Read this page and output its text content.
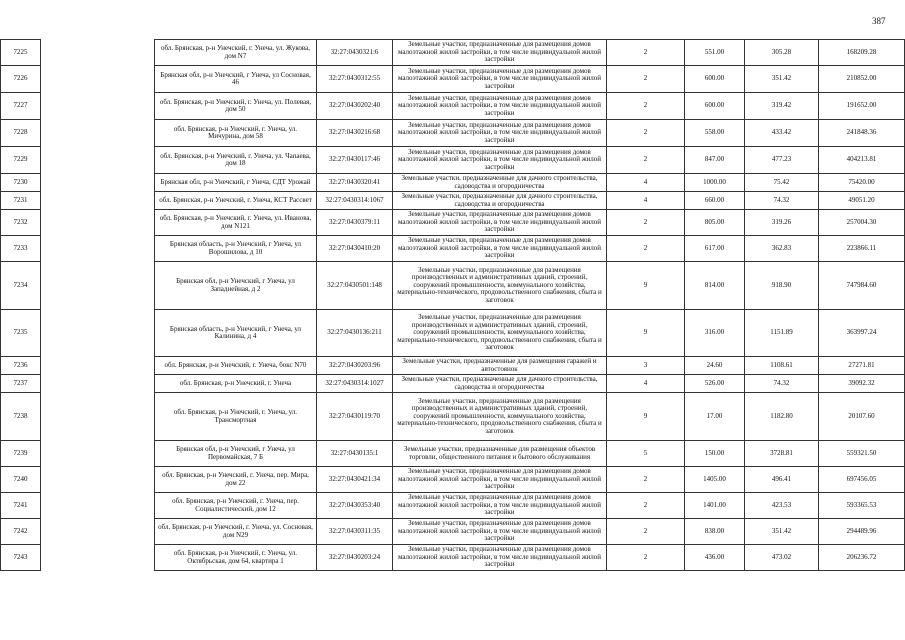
387
7225		обл. Брянская, р-н Унечский, г. Унеча, ул. Жукова, дом N7	32:27:0430321:6	Земельные участки, предназначенные для размещения домов малоэтажной жилой застройки, в том числе индивидуальной жилой застройки	2	551.00	305.28	168209.28
7226		Брянская обл, р-н Унечский, г Унеча, ул Сосновая, 46	32:27:0430312:55	Земельные участки, предназначенные для размещения домов малоэтажной жилой застройки, в том числе индивидуальной жилой застройки	2	600.00	351.42	210852.00
7227		обл. Брянская, р-н Унечский, г. Унеча, ул. Полевая, дом 50	32:27:0430202:40	Земельные участки, предназначенные для размещения домов малоэтажной жилой застройки, в том числе индивидуальной жилой застройки	2	600.00	319.42	191652.00
7228		обл. Брянская, р-н Унечский, г. Унеча, ул. Мичурина, дом 58	32:27:0430216:68	Земельные участки, предназначенные для размещения домов малоэтажной жилой застройки, в том числе индивидуальной жилой застройки	2	558.00	433.42	241848.36
7229		обл. Брянская, р-н Унечский, г. Унеча, ул. Чапаева, дом 18	32:27:0430117:46	Земельные участки, предназначенные для размещения домов малоэтажной жилой застройки, в том числе индивидуальной жилой застройки	2	847.00	477.23	404213.81
7230		Брянская обл, р-н Унечский, г Унеча, СДТ Урожай	32:27:0430320:41	Земельные участки, предназначенные для дачного строительства, садоводства и огородничества	4	1000.00	75.42	75420.00
7231		обл. Брянская, р-н Унечский, г. Унеча, КСТ Рассвет	32:27:0430314:1067	Земельные участки, предназначенные для дачного строительства, садоводства и огородничества	4	660.00	74.32	49051.20
7232		обл. Брянская, р-н Унечский, г. Унеча, ул. Иванова, дом N121	32:27:0430379:11	Земельные участки, предназначенные для размещения домов малоэтажной жилой застройки, в том числе индивидуальной жилой застройки	2	805.00	319.26	257004.30
7233		Брянская область, р-н Унечский, г Унеча, ул Ворошилова, д 10	32:27:0430410:20	Земельные участки, предназначенные для размещения домов малоэтажной жилой застройки, в том числе индивидуальной жилой застройки	2	617.00	362.83	223866.11
7234		Брянская обл, р-н Унечский, г Унеча, ул Западнейная, д 2	32:27:0430501:148	Земельные участки, предназначенные для размещения производственных и административных зданий, строений, сооружений промышленности, коммунального хозяйства, материально-технического, продовольственного снабжения, сбыта и заготовок	9	814.00	918.90	747984.60
7235		Брянская область, р-н Унечский, г Унеча, ул Калинина, д 4	32:27:0430136:211	Земельные участки, предназначенные для размещения производственных и административных зданий, строений, сооружений промышленности, коммунального хозяйства, материально-технического, продовольственного снабжения, сбыта и заготовок	9	316.00	1151.89	363997.24
7236		обл. Брянская, р-н Унечский, г. Унеча, бокс N70	32:27:0430203:96	Земельные участки, предназначенные для размещения гаражей и автостоянок	3	24.60	1108.61	27271.81
7237		обл. Брянская, р-н Унечский, г. Унеча	32:27:0430314:1027	Земельные участки, предназначенные для дачного строительства, садоводства и огородничества	4	526.00	74.32	39092.32
7238		обл. Брянская, р-н Унечский, г. Унеча, ул. Трансмортная	32:27:0430119:70	Земельные участки, предназначенные для размещения производственных и административных зданий, строений, сооружений промышленности, коммунального хозяйства, материально-технического, продовольственного снабжения, сбыта и заготовок	9	17.00	1182.80	20107.60
7239		Брянская обл, р-н Унечский, г Унеча, ул Первомайская, 7 Б	32:27:0430135:1	Земельные участки, предназначенные для размещения объектов торговли, общественного питания и бытового обслуживания	5	150.00	3728.81	559321.50
7240		обл. Брянская, р-н Унечский, г. Унеча, пер. Мира, дом 22	32:27:0430421:34	Земельные участки, предназначенные для размещения домов малоэтажной жилой застройки, в том числе индивидуальной жилой застройки	2	1405.00	496.41	697456.05
7241		обл. Брянская, р-н Унечский, г. Унеча, пер. Социалистический, дом 12	32:27:0430353:40	Земельные участки, предназначенные для размещения домов малоэтажной жилой застройки, в том числе индивидуальной жилой застройки	2	1401.00	423.53	593365.53
7242		обл. Брянская, р-н Унечский, г. Унеча, ул. Сосновая, дом N29	32:27:0430311:35	Земельные участки, предназначенные для размещения домов малоэтажной жилой застройки, в том числе индивидуальной жилой застройки	2	838.00	351.42	294489.96
7243		обл. Брянская, р-н Унечский, г. Унеча, ул. Октябрьская, дом 64, квартира 1	32:27:0430203:24	Земельные участки, предназначенные для размещения домов малоэтажной жилой застройки, в том числе индивидуальной жилой застройки	2	436.00	473.02	206236.72
